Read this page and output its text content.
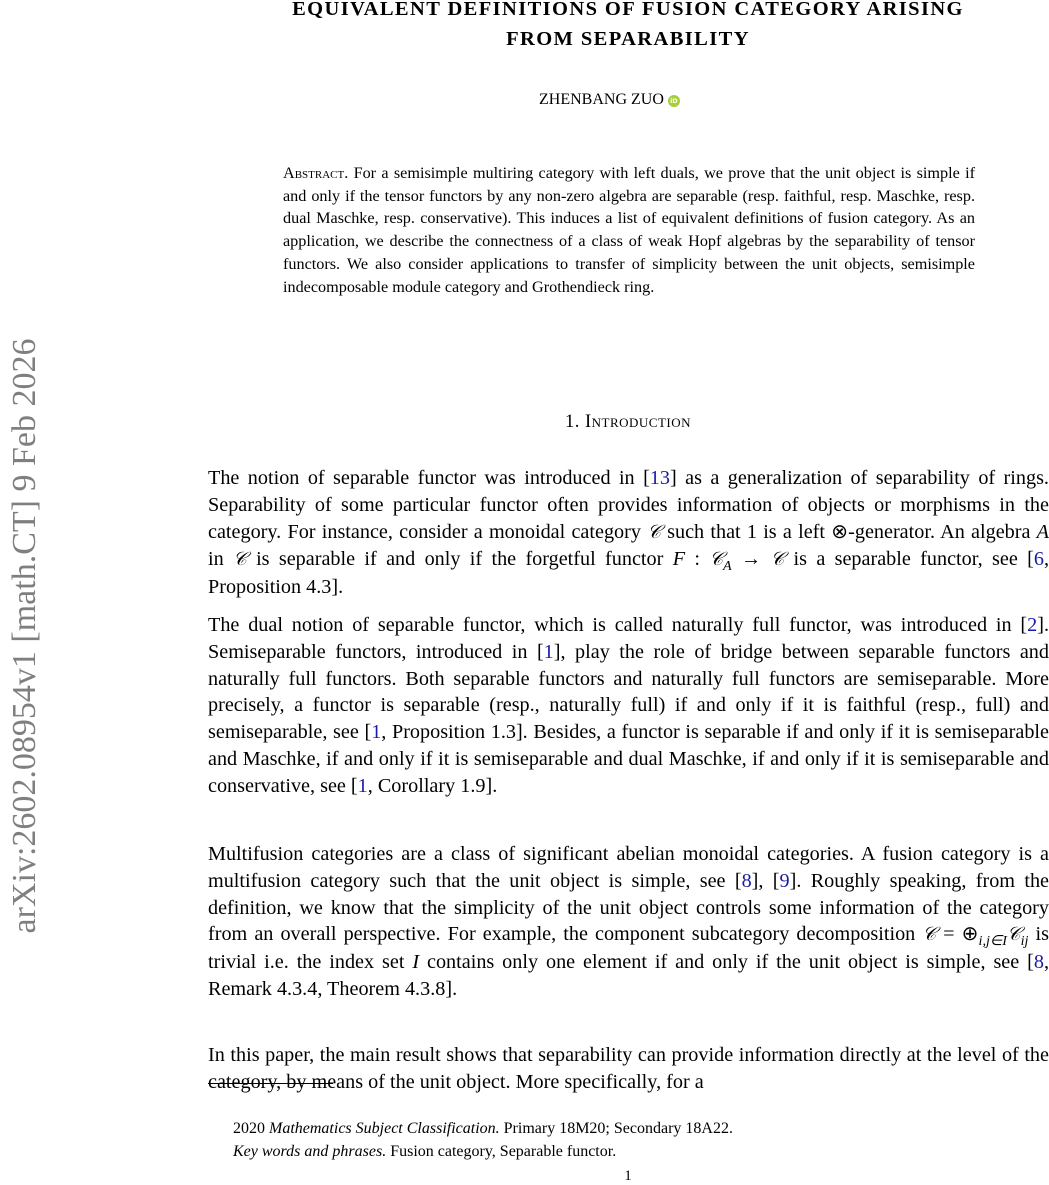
arXiv:2602.08954v1 [math.CT] 9 Feb 2026
EQUIVALENT DEFINITIONS OF FUSION CATEGORY ARISING
FROM SEPARABILITY
ZHENBANG ZUO iD
Abstract. For a semisimple multiring category with left duals, we prove that the unit object is simple if and only if the tensor functors by any non-zero algebra are separable (resp. faithful, resp. Maschke, resp. dual Maschke, resp. conservative). This induces a list of equivalent definitions of fusion category. As an application, we describe the connectness of a class of weak Hopf algebras by the separability of tensor functors. We also consider applications to transfer of simplicity between the unit objects, semisimple indecomposable module category and Grothendieck ring.
1. Introduction
The notion of separable functor was introduced in [13] as a generalization of separability of rings. Separability of some particular functor often provides information of objects or morphisms in the category. For instance, consider a monoidal category 𝒞 such that 1 is a left ⊗-generator. An algebra A in 𝒞 is separable if and only if the forgetful functor F : 𝒞$_A$ → 𝒞 is a separable functor, see [6, Proposition 4.3].
The dual notion of separable functor, which is called naturally full functor, was introduced in [2]. Semiseparable functors, introduced in [1], play the role of bridge between separable functors and naturally full functors. Both separable functors and naturally full functors are semiseparable. More precisely, a functor is separable (resp., naturally full) if and only if it is faithful (resp., full) and semiseparable, see [1, Proposition 1.3]. Besides, a functor is separable if and only if it is semiseparable and Maschke, if and only if it is semiseparable and dual Maschke, if and only if it is semiseparable and conservative, see [1, Corollary 1.9].
Multifusion categories are a class of significant abelian monoidal categories. A fusion category is a multifusion category such that the unit object is simple, see [8], [9]. Roughly speaking, from the definition, we know that the simplicity of the unit object controls some information of the category from an overall perspective. For example, the component subcategory decomposition 𝒞 = $\oplus_{i,j\in I}𝒞_{ij}$ is trivial i.e. the index set I contains only one element if and only if the unit object is simple, see [8, Remark 4.3.4, Theorem 4.3.8].
In this paper, the main result shows that separability can provide information directly at the level of the category, by means of the unit object. More specifically, for a
2020 Mathematics Subject Classification. Primary 18M20; Secondary 18A22.
Key words and phrases. Fusion category, Separable functor.
1
